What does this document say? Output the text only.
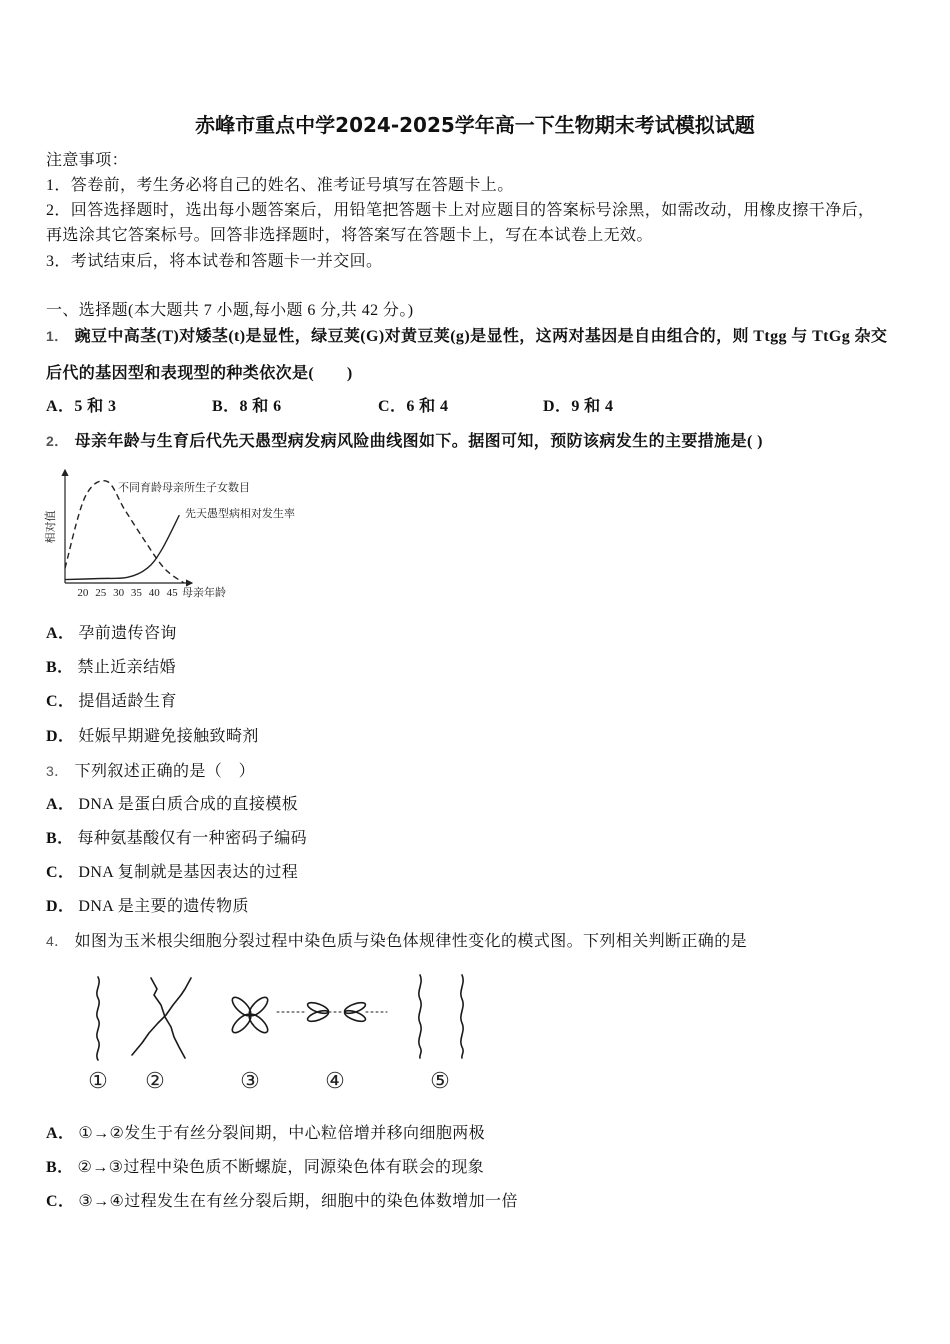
赤峰市重点中学2024-2025学年高一下生物期末考试模拟试题
注意事项：
1．答卷前，考生务必将自己的姓名、准考证号填写在答题卡上。
2．回答选择题时，选出每小题答案后，用铅笔把答题卡上对应题目的答案标号涂黑，如需改动，用橡皮擦干净后，
再选涂其它答案标号。回答非选择题时，将答案写在答题卡上，写在本试卷上无效。
3．考试结束后，将本试卷和答题卡一并交回。
一、选择题(本大题共 7 小题,每小题 6 分,共 42 分。)
1． 豌豆中高茎(T)对矮茎(t)是显性，绿豆荚(G)对黄豆荚(g)是显性，这两对基因是自由组合的，则 Ttgg 与 TtGg 杂交
后代的基因型和表现型的种类依次是(　　)
A．5 和 3	B．8 和 6	C．6 和 4	D．9 和 4
2． 母亲年龄与生育后代先天愚型病发病风险曲线图如下。据图可知，预防该病发生的主要措施是( )
20 25 30 35 40 45
相对值
母亲年龄
不同育龄母亲所生子女数目
先天愚型病相对发生率
A． 孕前遗传咨询
B． 禁止近亲结婚
C． 提倡适龄生育
D． 妊娠早期避免接触致畸剂
3． 下列叙述正确的是（　）
A． DNA 是蛋白质合成的直接模板
B． 每种氨基酸仅有一种密码子编码
C． DNA 复制就是基因表达的过程
D． DNA 是主要的遗传物质
4． 如图为玉米根尖细胞分裂过程中染色质与染色体规律性变化的模式图。下列相关判断正确的是
① ②	③	④	⑤
A． ①→②发生于有丝分裂间期，中心粒倍增并移向细胞两极
B． ②→③过程中染色质不断螺旋，同源染色体有联会的现象
C． ③→④过程发生在有丝分裂后期，细胞中的染色体数增加一倍
